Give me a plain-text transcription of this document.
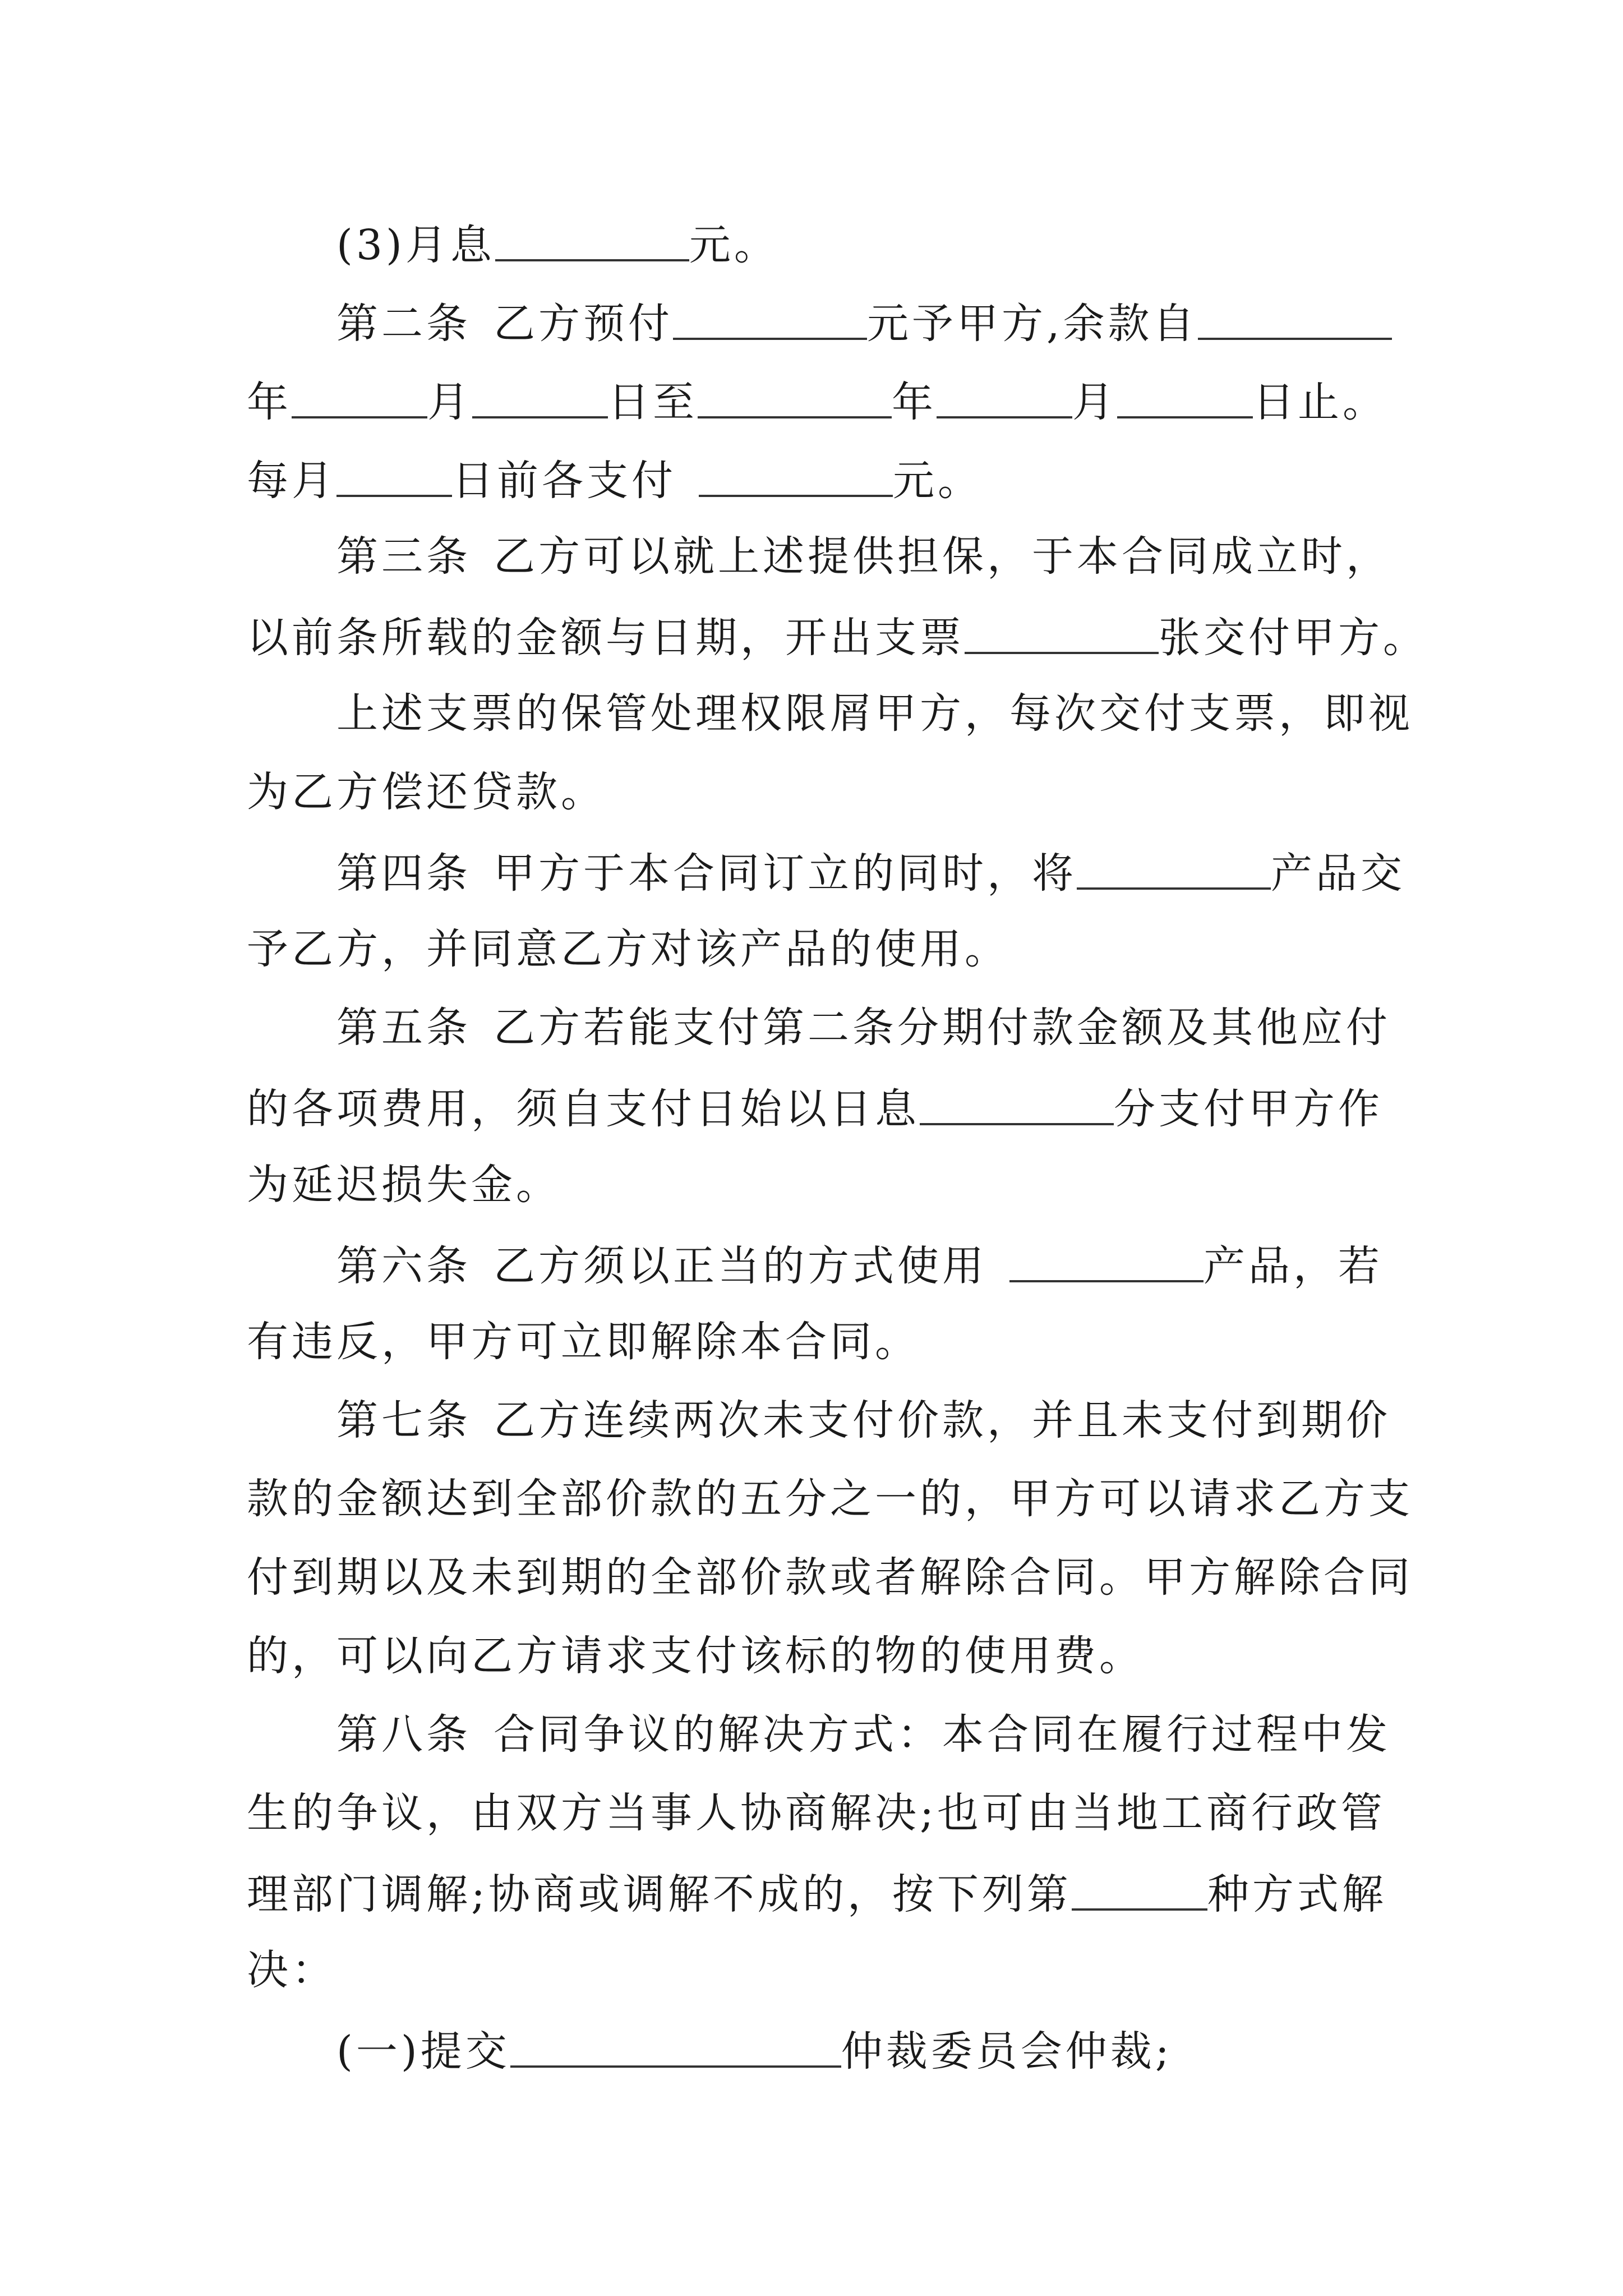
(3)月息	元。
第二条 乙方预付	元予甲方,余款自
年	月	日至	年	月	日止。
每月	日前各支付	元。
第三条 乙方可以就上述提供担保，于本合同成立时，
以前条所载的金额与日期，开出支票	张交付甲方。
上述支票的保管处理权限屑甲方，每次交付支票，即视
为乙方偿还贷款。
第四条 甲方于本合同订立的同时，将	产品交
予乙方，并同意乙方对该产品的使用。
第五条 乙方若能支付第二条分期付款金额及其他应付
的各项费用，须自支付日始以日息	分支付甲方作
为延迟损失金。
第六条 乙方须以正当的方式使用	产品，若
有违反，甲方可立即解除本合同。
第七条 乙方连续两次未支付价款，并且未支付到期价
款的金额达到全部价款的五分之一的，甲方可以请求乙方支
付到期以及未到期的全部价款或者解除合同。甲方解除合同
的，可以向乙方请求支付该标的物的使用费。
第八条 合同争议的解决方式：本合同在履行过程中发
生的争议，由双方当事人协商解决;也可由当地工商行政管
理部门调解;协商或调解不成的，按下列第	种方式解
决：
(一)提交	仲裁委员会仲裁;
